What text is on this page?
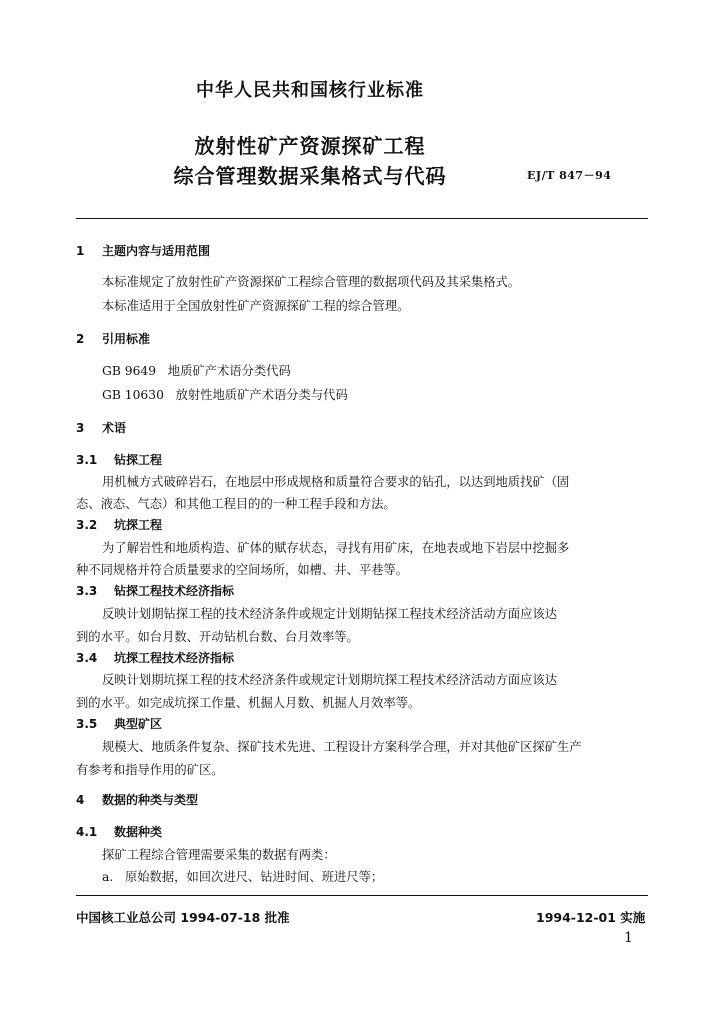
中华人民共和国核行业标准
放射性矿产资源探矿工程
综合管理数据采集格式与代码	EJ/T 847－94
1 主题内容与适用范围
本标准规定了放射性矿产资源探矿工程综合管理的数据项代码及其采集格式。
本标准适用于全国放射性矿产资源探矿工程的综合管理。
2 引用标准
GB 9649   地质矿产术语分类代码
GB 10630   放射性地质矿产术语分类与代码
3 术语
3.1 钻探工程
用机械方式破碎岩石，在地层中形成规格和质量符合要求的钻孔，以达到地质找矿（固
态、液态、气态）和其他工程目的的一种工程手段和方法。
3.2 坑探工程
为了解岩性和地质构造、矿体的赋存状态，寻找有用矿床，在地表或地下岩层中挖掘多
种不同规格并符合质量要求的空间场所，如槽、井、平巷等。
3.3 钻探工程技术经济指标
反映计划期钻探工程的技术经济条件或规定计划期钻探工程技术经济活动方面应该达
到的水平。如台月数、开动钻机台数、台月效率等。
3.4 坑探工程技术经济指标
反映计划期坑探工程的技术经济条件或规定计划期坑探工程技术经济活动方面应该达
到的水平。如完成坑探工作量、机掘人月数、机掘人月效率等。
3.5 典型矿区
规模大、地质条件复杂、探矿技术先进、工程设计方案科学合理，并对其他矿区探矿生产
有参考和指导作用的矿区。
4 数据的种类与类型
4.1 数据种类
探矿工程综合管理需要采集的数据有两类：
a.   原始数据，如回次进尺、钻进时间、班进尺等；
中国核工业总公司 1994-07-18 批准	1994-12-01 实施
1
